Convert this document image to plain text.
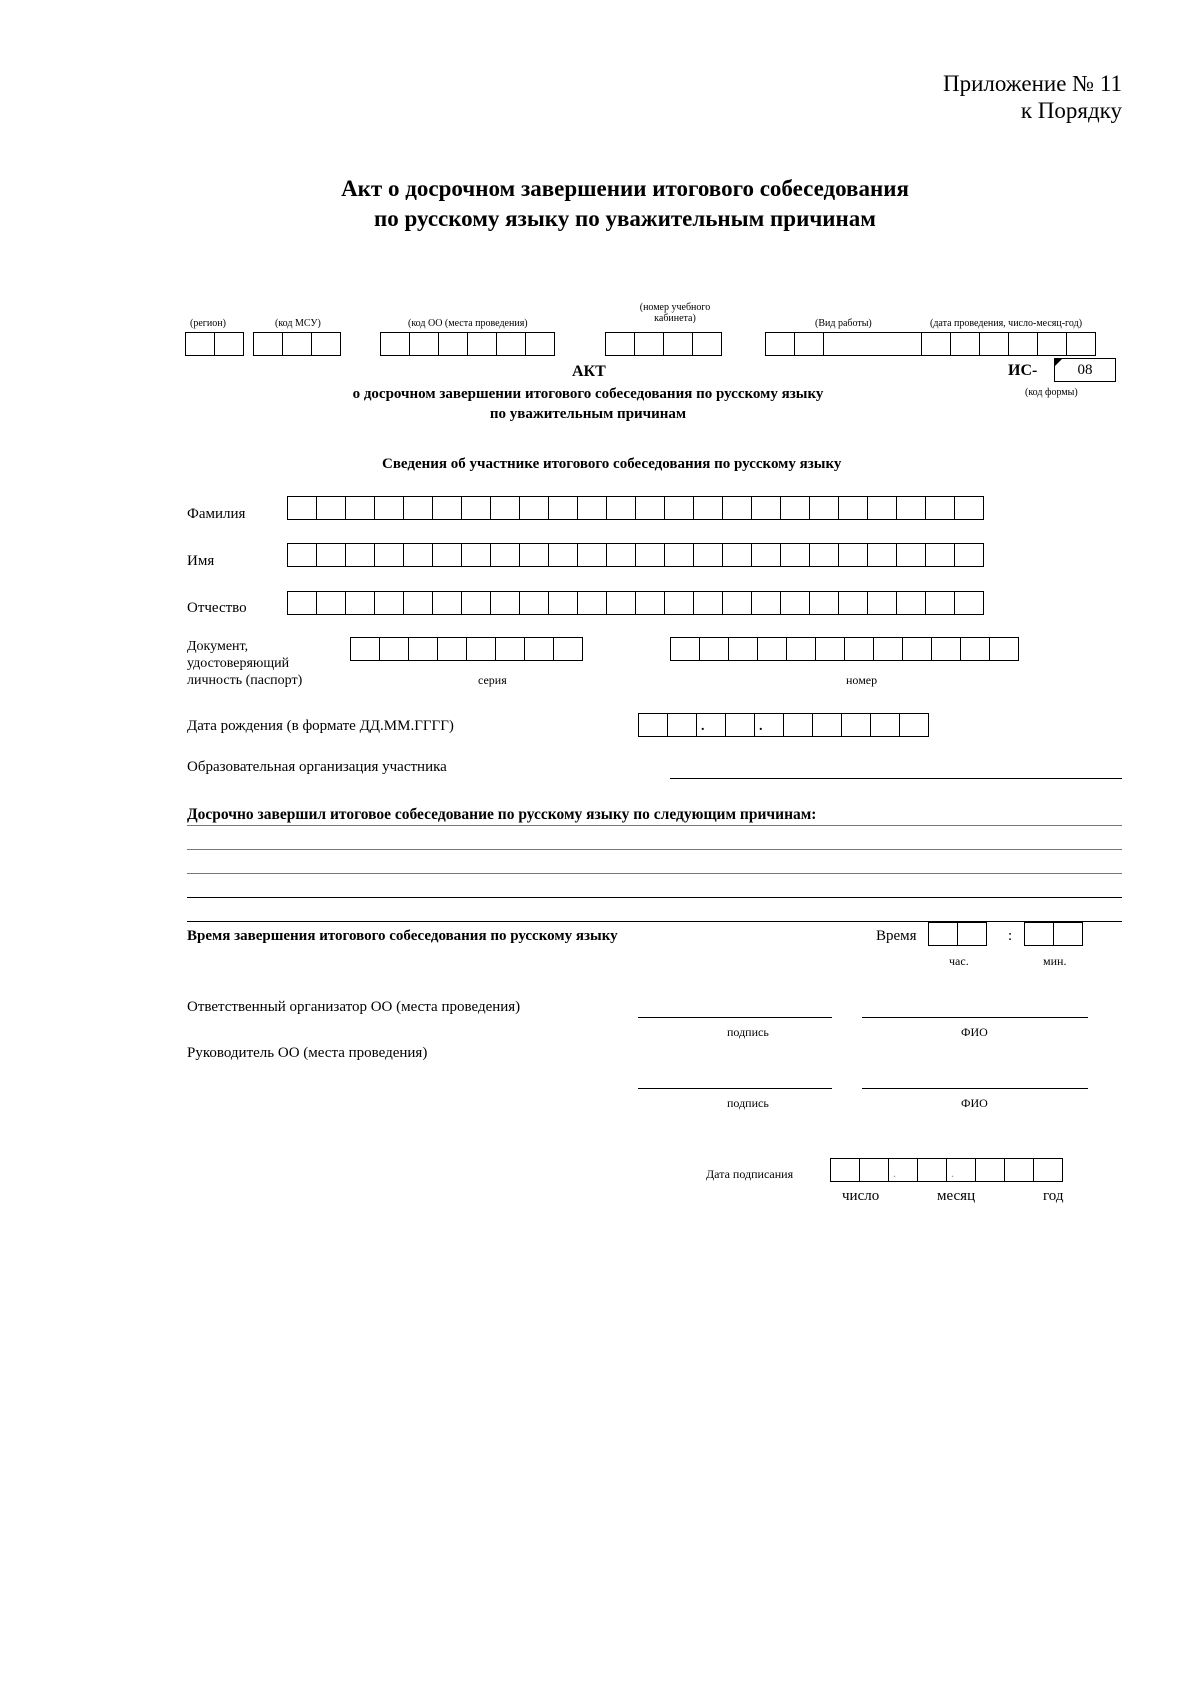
Приложение № 11
к Порядку
Акт о досрочном завершении итогового собеседования
по русскому языку по уважительным причинам
(регион)	(код МСУ)	(код ОО (места проведения)
(номер учебного
кабинета)	(Вид работы)	(дата проведения, число-месяц-год)
АКТ
о досрочном завершении итогового собеседования по русскому языку
по уважительным причинам
ИС-	08
(код формы)
Сведения об участнике итогового собеседования по русскому языку
Фамилия
Имя
Отчество
Документ,
удостоверяющий
личность (паспорт)	серия	номер
Дата рождения (в формате ДД.ММ.ГГГГ)
.
.
Образовательная организация участника
Досрочно завершил итоговое собеседование по русскому языку по следующим причинам:
Время завершения итогового собеседования по русскому языку	Время	:
час.	мин.
Ответственный организатор ОО (места проведения)
подпись	ФИО
Руководитель ОО (места проведения)
подпись	ФИО
Дата подписания
.
.
число	месяц	год
